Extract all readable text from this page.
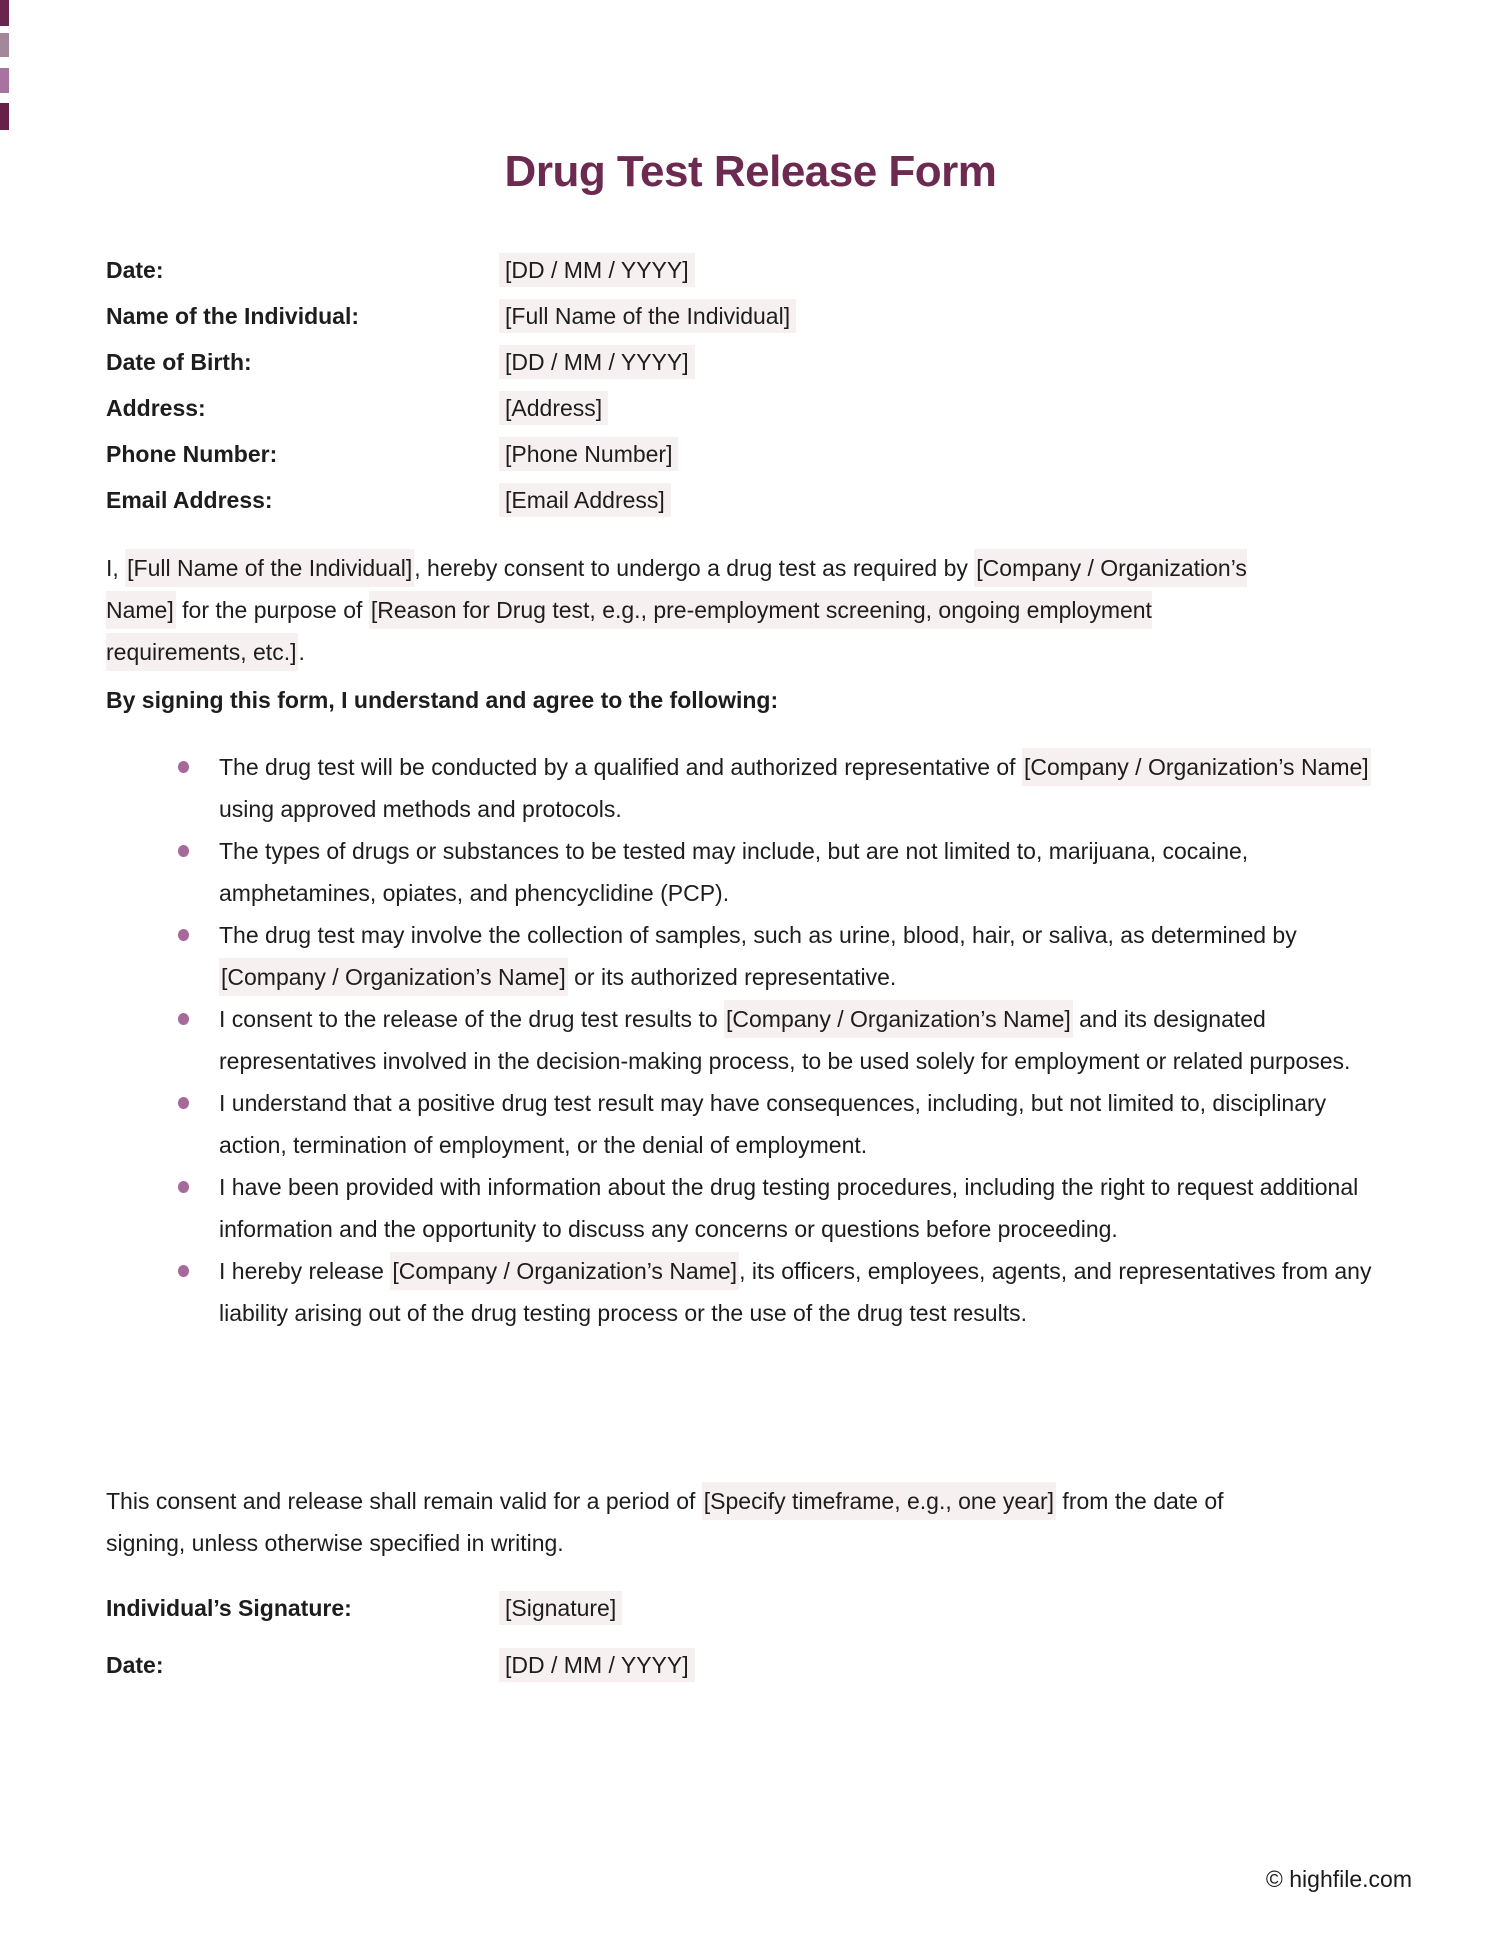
Drug Test Release Form
Date:	[DD / MM / YYYY]
Name of the Individual:	[Full Name of the Individual]
Date of Birth:	[DD / MM / YYYY]
Address:	[Address]
Phone Number:	[Phone Number]
Email Address:	[Email Address]

I, [Full Name of the Individual], hereby consent to undergo a drug test as required by [Company / Organization’s Name] for the purpose of [Reason for Drug test, e.g., pre-employment screening, ongoing employment requirements, etc.].

By signing this form, I understand and agree to the following:
The drug test will be conducted by a qualified and authorized representative of [Company / Organization’s Name] using approved methods and protocols.
The types of drugs or substances to be tested may include, but are not limited to, marijuana, cocaine, amphetamines, opiates, and phencyclidine (PCP).
The drug test may involve the collection of samples, such as urine, blood, hair, or saliva, as determined by [Company / Organization’s Name] or its authorized representative.
I consent to the release of the drug test results to [Company / Organization’s Name] and its designated representatives involved in the decision-making process, to be used solely for employment or related purposes.
I understand that a positive drug test result may have consequences, including, but not limited to, disciplinary action, termination of employment, or the denial of employment.
I have been provided with information about the drug testing procedures, including the right to request additional information and the opportunity to discuss any concerns or questions before proceeding.
I hereby release [Company / Organization’s Name], its officers, employees, agents, and representatives from any liability arising out of the drug testing process or the use of the drug test results.

This consent and release shall remain valid for a period of [Specify timeframe, e.g., one year] from the date of signing, unless otherwise specified in writing.

Individual’s Signature:	[Signature]
Date:	[DD / MM / YYYY]
© highfile.com
